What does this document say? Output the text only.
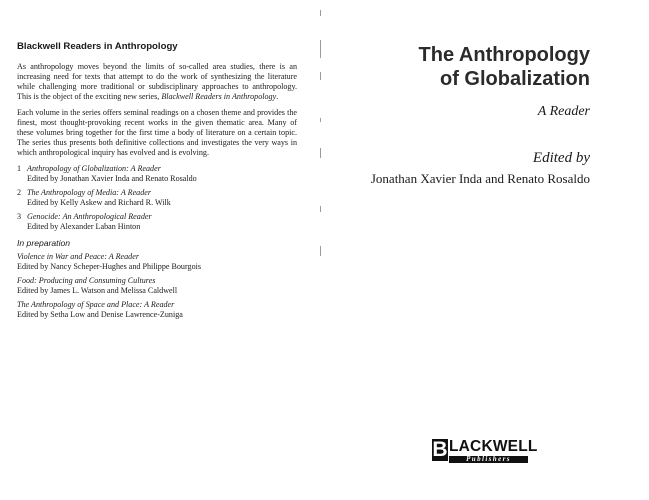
Blackwell Readers in Anthropology

As anthropology moves beyond the limits of so-called area studies, there is an increasing need for texts that attempt to do the work of synthesizing the literature while challenging more traditional or subdisciplinary approaches to anthropology. This is the object of the exciting new series, Blackwell Readers in Anthropology.

Each volume in the series offers seminal readings on a chosen theme and provides the finest, most thought-provoking recent works in the given thematic area. Many of these volumes bring together for the first time a body of literature on a certain topic. The series thus presents both definitive collections and investigates the very ways in which anthropological inquiry has evolved and is evolving.

1 Anthropology of Globalization: A Reader
Edited by Jonathan Xavier Inda and Renato Rosaldo
2 The Anthropology of Media: A Reader
Edited by Kelly Askew and Richard R. Wilk
3 Genocide: An Anthropological Reader
Edited by Alexander Laban Hinton
In preparation
Violence in War and Peace: A Reader
Edited by Nancy Scheper-Hughes and Philippe Bourgois
Food: Producing and Consuming Cultures
Edited by James L. Watson and Melissa Caldwell
The Anthropology of Space and Place: A Reader
Edited by Setha Low and Denise Lawrence-Zuniga
The Anthropology
of Globalization
A Reader
Edited by
Jonathan Xavier Inda and Renato Rosaldo
B LACKWELL
Publishers
